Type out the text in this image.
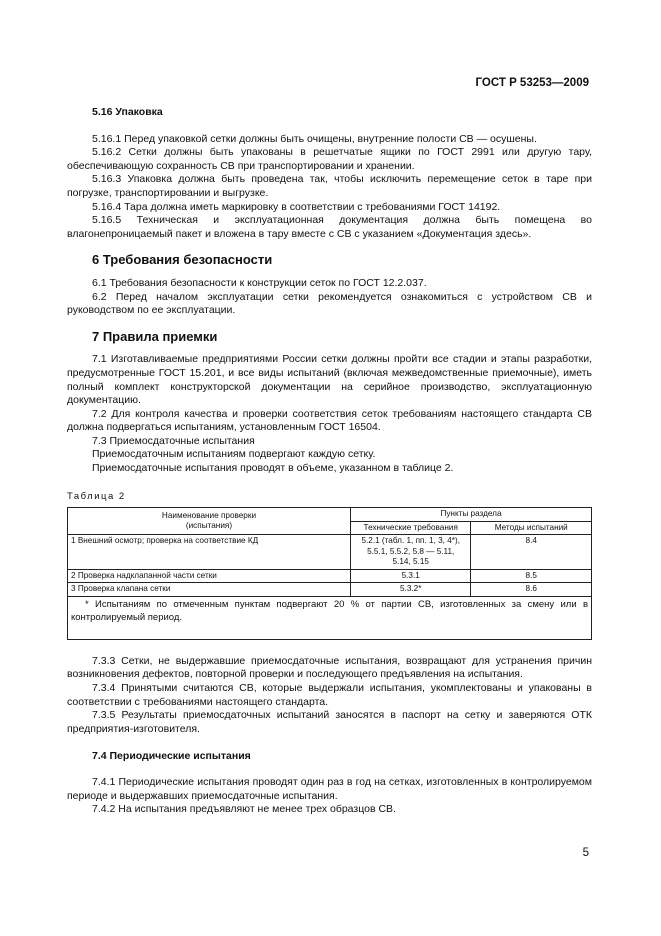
ГОСТ Р 53253—2009
5.16 Упаковка

5.16.1 Перед упаковкой сетки должны быть очищены, внутренние полости СВ — осушены.

5.16.2 Сетки должны быть упакованы в решетчатые ящики по ГОСТ 2991 или другую тару, обеспечивающую сохранность СВ при транспортировании и хранении.

5.16.3 Упаковка должна быть проведена так, чтобы исключить перемещение сеток в таре при погрузке, транспортировании и выгрузке.

5.16.4 Тара должна иметь маркировку в соответствии с требованиями ГОСТ 14192.

5.16.5 Техническая и эксплуатационная документация должна быть помещена во влагонепроницаемый пакет и вложена в тару вместе с СВ с указанием «Документация здесь».

6 Требования безопасности

6.1 Требования безопасности к конструкции сеток по ГОСТ 12.2.037.

6.2 Перед началом эксплуатации сетки рекомендуется ознакомиться с устройством СВ и руководством по ее эксплуатации.

7 Правила приемки

7.1 Изготавливаемые предприятиями России сетки должны пройти все стадии и этапы разработки, предусмотренные ГОСТ 15.201, и все виды испытаний (включая межведомственные приемочные), иметь полный комплект конструкторской документации на серийное производство, эксплуатационную документацию.

7.2 Для контроля качества и проверки соответствия сеток требованиям настоящего стандарта СВ должна подвергаться испытаниям, установленным ГОСТ 16504.

7.3 Приемосдаточные испытания

Приемосдаточным испытаниям подвергают каждую сетку.

Приемосдаточные испытания проводят в объеме, указанном в таблице 2.

Таблица 2
Наименование проверки
(испытания)	Пункты раздела	
	Технические требования	Методы испытаний
1 Внешний осмотр; проверка на соответствие КД	5.2.1 (табл. 1, пп. 1, 3, 4*),
5.5.1, 5.5.2, 5.8 — 5.11,
5.14, 5.15	8.4
2 Проверка надклапанной части сетки	5.3.1	8.5
3 Проверка клапана сетки	5.3.2*	8.6
* Испытаниям по отмеченным пунктам подвергают 20 % от партии СВ, изготовленных за смену или в контролируемый период.		

7.3.3 Сетки, не выдержавшие приемосдаточные испытания, возвращают для устранения причин возникновения дефектов, повторной проверки и последующего предъявления на испытания.

7.3.4 Принятыми считаются СВ, которые выдержали испытания, укомплектованы и упакованы в соответствии с требованиями настоящего стандарта.

7.3.5 Результаты приемосдаточных испытаний заносятся в паспорт на сетку и заверяются ОТК предприятия-изготовителя.

7.4 Периодические испытания

7.4.1 Периодические испытания проводят один раз в год на сетках, изготовленных в контролируемом периоде и выдержавших приемосдаточные испытания.

7.4.2 На испытания предъявляют не менее трех образцов СВ.

5
